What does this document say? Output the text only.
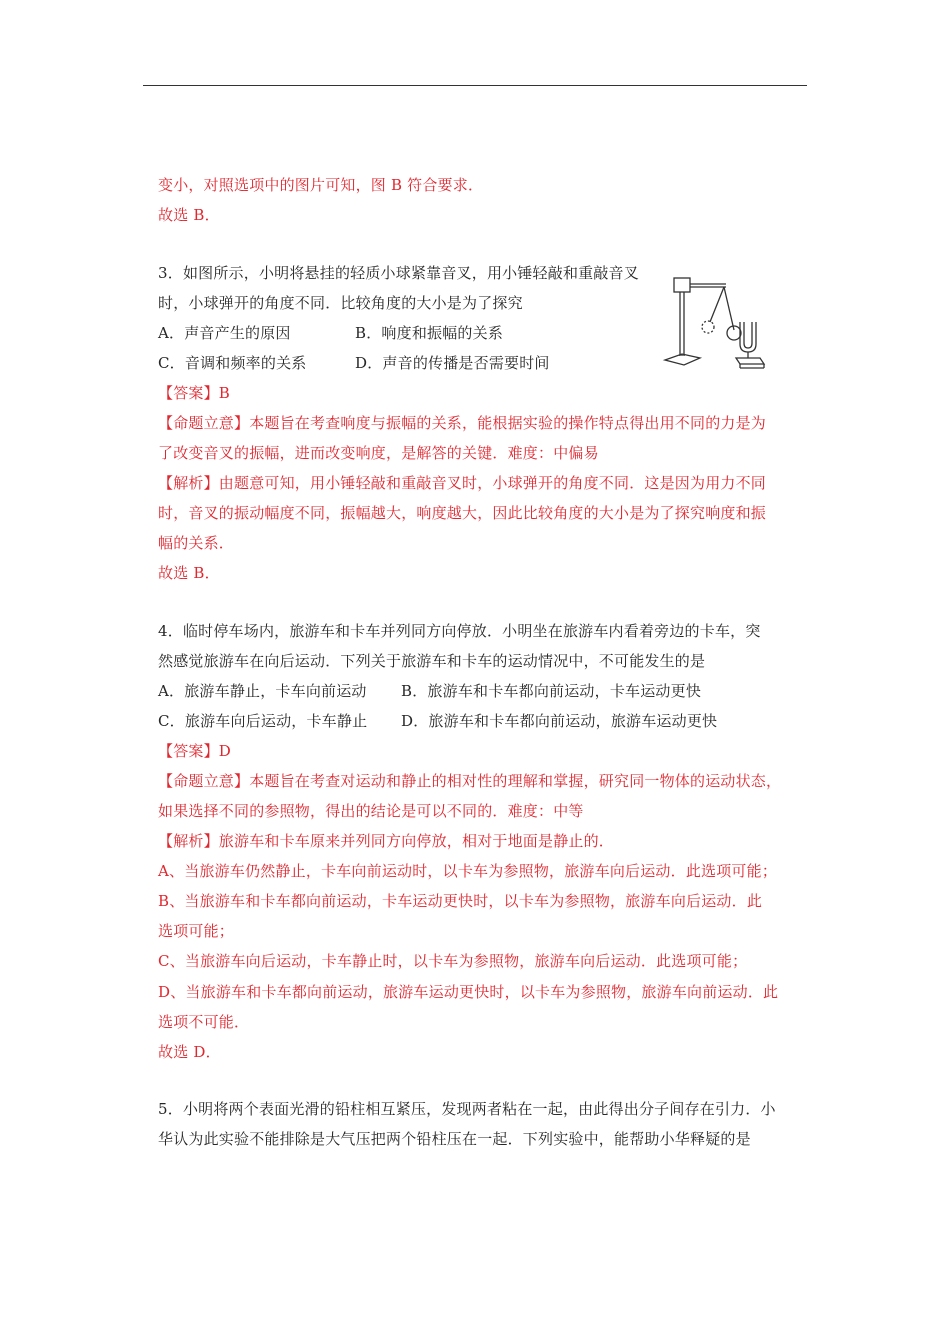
变小，对照选项中的图片可知，图 B 符合要求．
故选 B．
3．如图所示，小明将悬挂的轻质小球紧靠音叉，用小锤轻敲和重敲音叉
时，小球弹开的角度不同．比较角度的大小是为了探究
A．声音产生的原因	B．响度和振幅的关系
C．音调和频率的关系	D．声音的传播是否需要时间
【答案】B
【命题立意】本题旨在考查响度与振幅的关系，能根据实验的操作特点得出用不同的力是为
了改变音叉的振幅，进而改变响度，是解答的关键．难度：中偏易
【解析】由题意可知，用小锤轻敲和重敲音叉时，小球弹开的角度不同．这是因为用力不同
时，音叉的振动幅度不同，振幅越大，响度越大，因此比较角度的大小是为了探究响度和振
幅的关系．
故选 B．
4．临时停车场内，旅游车和卡车并列同方向停放．小明坐在旅游车内看着旁边的卡车，突
然感觉旅游车在向后运动．下列关于旅游车和卡车的运动情况中，不可能发生的是
A．旅游车静止，卡车向前运动 B．旅游车和卡车都向前运动，卡车运动更快
C．旅游车向后运动，卡车静止 D．旅游车和卡车都向前运动，旅游车运动更快
【答案】D
【命题立意】本题旨在考查对运动和静止的相对性的理解和掌握，研究同一物体的运动状态，
如果选择不同的参照物，得出的结论是可以不同的．难度：中等
【解析】旅游车和卡车原来并列同方向停放，相对于地面是静止的．
A、当旅游车仍然静止，卡车向前运动时，以卡车为参照物，旅游车向后运动．此选项可能；
B、当旅游车和卡车都向前运动，卡车运动更快时，以卡车为参照物，旅游车向后运动．此
选项可能；
C、当旅游车向后运动，卡车静止时，以卡车为参照物，旅游车向后运动．此选项可能；
D、当旅游车和卡车都向前运动，旅游车运动更快时，以卡车为参照物，旅游车向前运动．此
选项不可能．
故选 D．
5．小明将两个表面光滑的铅柱相互紧压，发现两者粘在一起，由此得出分子间存在引力．小
华认为此实验不能排除是大气压把两个铅柱压在一起．下列实验中，能帮助小华释疑的是
